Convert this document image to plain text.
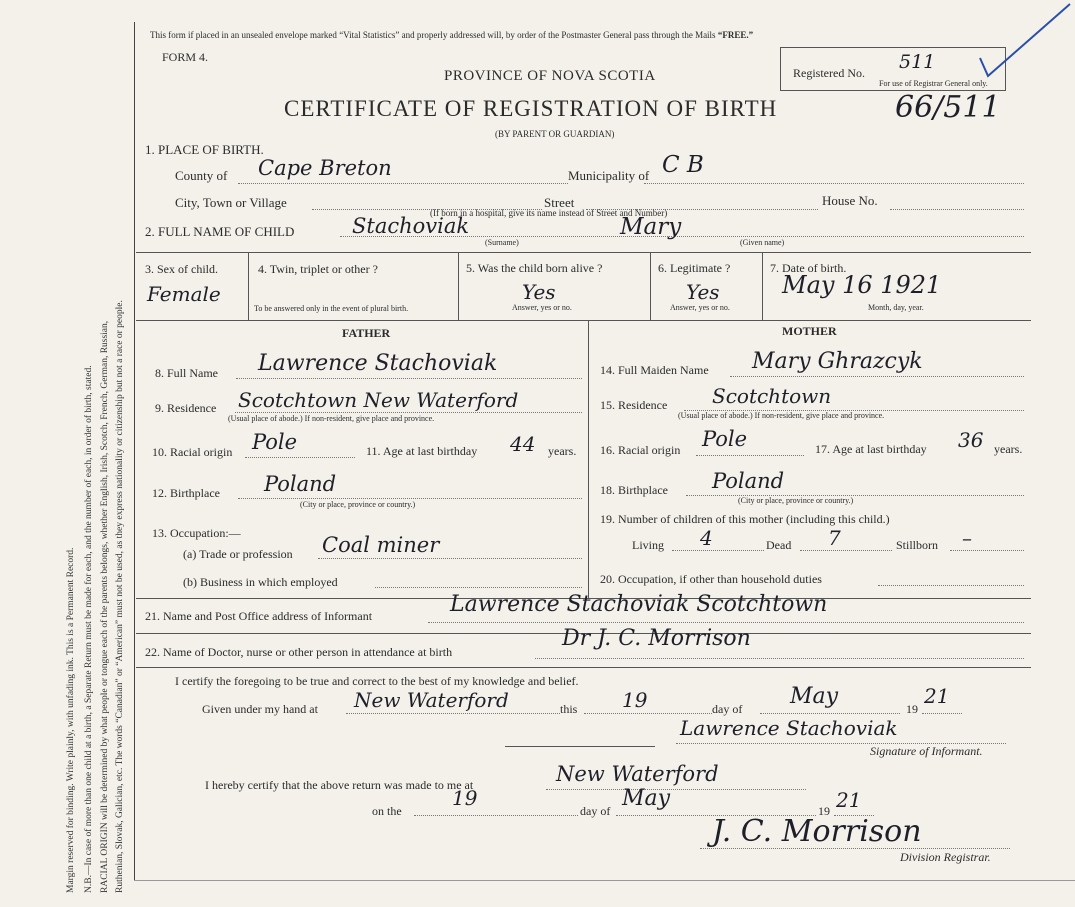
Margin reserved for binding. Write plainly, with unfading ink. This is a Permanent Record. N.B.—In case of more than one child at a birth, a Separate Return must be made for each, and the number of each, in order of birth, stated. RACIAL ORIGIN will be determined by what people or tongue each of the parents belongs, whether English, Irish, Scotch, French, German, Russian, Ruthenian, Slovak, Galician, etc. The words “Canadian” or “American” must not be used, as they express nationality or citizenship but not a race or people.
This form if placed in an unsealed envelope marked “Vital Statistics” and properly addressed will, by order of the Postmaster General pass through the Mails “FREE.”
FORM 4.
Registered No. 511
For use of Registrar General only.
PROVINCE OF NOVA SCOTIA
CERTIFICATE OF REGISTRATION OF BIRTH	66/511
(BY PARENT OR GUARDIAN)
1. PLACE OF BIRTH.
County of Cape Breton	Municipality of C B
City, Town or Village	Street	House No.
(If born in a hospital, give its name instead of Street and Number)
2. FULL NAME OF CHILD	Stachoviak	Mary
(Surname)	(Given name)
3. Sex of child.
Female
4. Twin, triplet or other ?
To be answered only in the event of plural birth.
5. Was the child born alive ?
Yes
Answer, yes or no.
6. Legitimate ?
Yes
Answer, yes or no.
7. Date of birth.
May 16 1921
Month, day, year.
FATHER	MOTHER
8. Full Name Lawrence Stachoviak
9. Residence Scotchtown New Waterford
(Usual place of abode.) If non-resident, give place and province.
10. Racial origin Pole	11. Age at last birthday 44 years.
12. Birthplace Poland
(City or place, province or country.)
13. Occupation:—
(a) Trade or profession Coal miner
(b) Business in which employed
14. Full Maiden Name Mary Ghrazcyk
15. Residence Scotchtown
(Usual place of abode.) If non-resident, give place and province.
16. Racial origin Pole	17. Age at last birthday 36 years.
18. Birthplace Poland
(City or place, province or country.)
19. Number of children of this mother (including this child.)
Living 4	Dead 7	Stillborn –
20. Occupation, if other than household duties
21. Name and Post Office address of Informant	Lawrence Stachoviak Scotchtown
22. Name of Doctor, nurse or other person in attendance at birth
Dr J. C. Morrison
I certify the foregoing to be true and correct to the best of my knowledge and belief.
Given under my hand at New Waterford	this 19	day of May	19
21
Lawrence Stachoviak
Signature of Informant.
I hereby certify that the above return was made to me at	New Waterford
on the
19
day of May	19 21
J. C. Morrison
Division Registrar.
